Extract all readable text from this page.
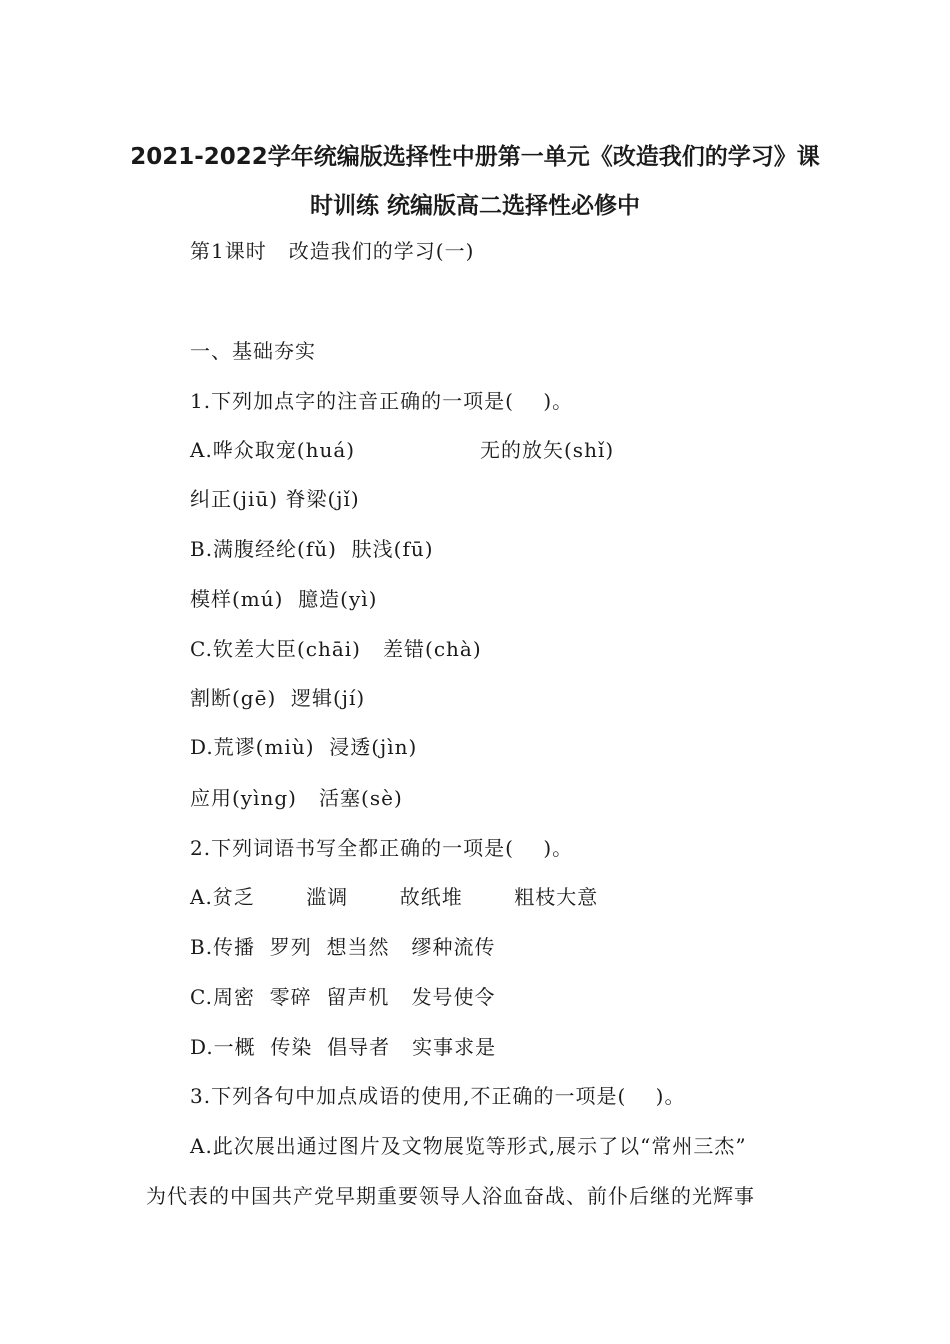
2021-2022学年统编版选择性中册第一单元《改造我们的学习》课
时训练 统编版高二选择性必修中
第1课时   改造我们的学习(一)
一、基础夯实
1.下列加点字的注音正确的一项是(    )。
A.哗众取宠(huá)	无的放矢(shǐ)
纠正(jiū) 脊梁(jǐ)
B.满腹经纶(fǔ)  肤浅(fū)
模样(mú)  臆造(yì)
C.钦差大臣(chāi)   差错(chà)
割断(gē)  逻辑(jí)
D.荒谬(miù)  浸透(jìn)
应用(yìng)   活塞(sè)
2.下列词语书写全都正确的一项是(    )。
A.贫乏       滥调       故纸堆       粗枝大意
B.传播  罗列  想当然   缪种流传
C.周密  零碎  留声机   发号使令
D.一概  传染  倡导者   实事求是
3.下列各句中加点成语的使用,不正确的一项是(    )。
A.此次展出通过图片及文物展览等形式,展示了以“常州三杰”
为代表的中国共产党早期重要领导人浴血奋战、前仆后继的光辉事
